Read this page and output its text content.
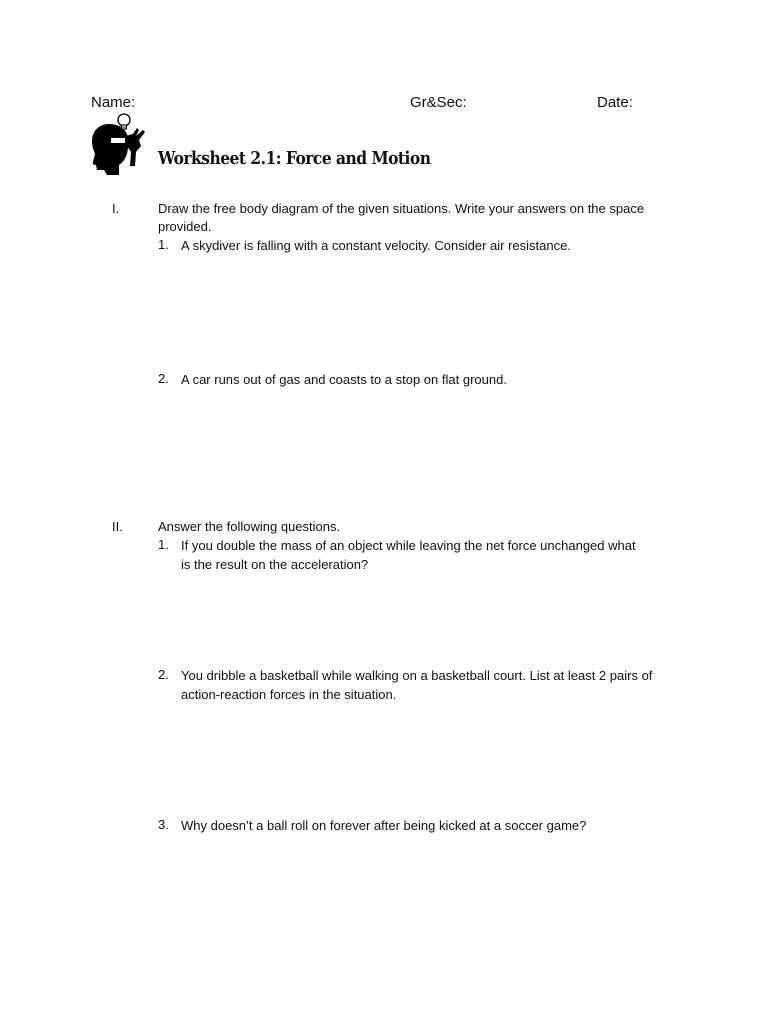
Name:	Gr&Sec:	Date:
Worksheet 2.1: Force and Motion
I.	Draw the free body diagram of the given situations. Write your answers on the space provided.
1. A skydiver is falling with a constant velocity. Consider air resistance.
2. A car runs out of gas and coasts to a stop on flat ground.
II.	Answer the following questions.
1. If you double the mass of an object while leaving the net force unchanged what is the result on the acceleration?
2. You dribble a basketball while walking on a basketball court. List at least 2 pairs of action-reaction forces in the situation.
3. Why doesn’t a ball roll on forever after being kicked at a soccer game?
